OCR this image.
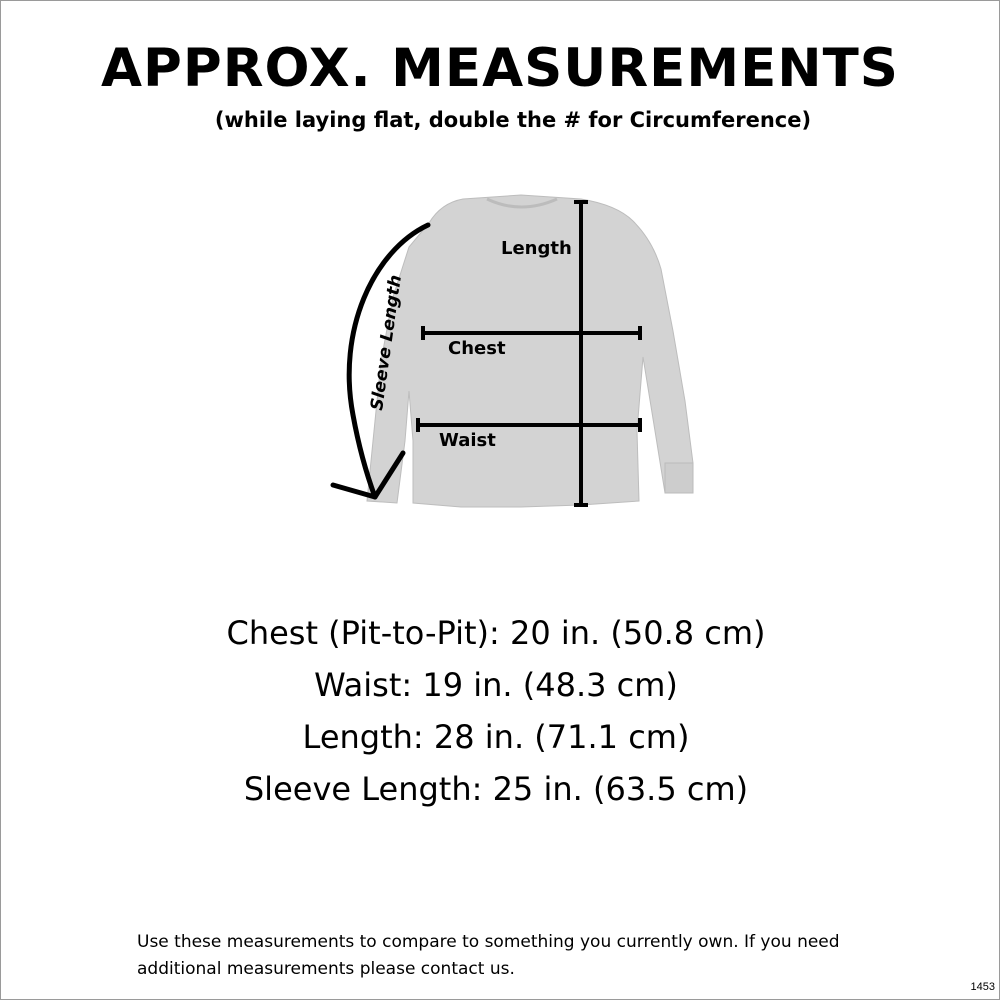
APPROX. MEASUREMENTS
(while laying flat, double the # for Circumference)
Length
Chest
Waist
Sleeve Length
Chest (Pit-to-Pit): 20 in. (50.8 cm)
Waist: 19 in. (48.3 cm)
Length: 28 in. (71.1 cm)
Sleeve Length: 25 in. (63.5 cm)
Use these measurements to compare to something you currently own. If you need
additional measurements please contact us.
1453
